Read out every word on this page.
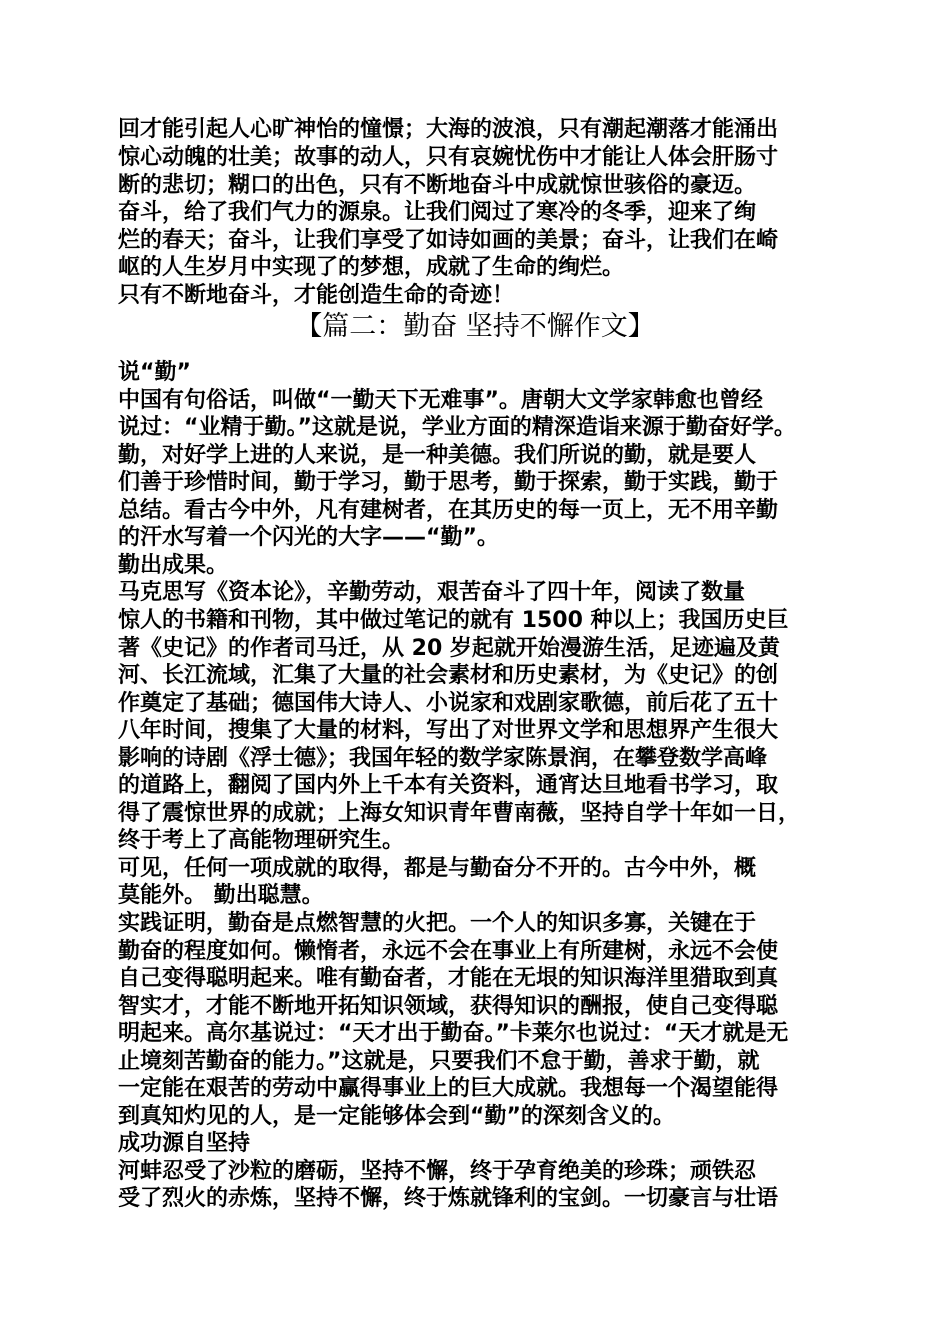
回才能引起人心旷神怡的憧憬；大海的波浪，只有潮起潮落才能涌出
惊心动魄的壮美；故事的动人，只有哀婉忧伤中才能让人体会肝肠寸
断的悲切；糊口的出色，只有不断地奋斗中成就惊世骇俗的豪迈。
奋斗，给了我们气力的源泉。让我们阅过了寒冷的冬季，迎来了绚
烂的春天；奋斗，让我们享受了如诗如画的美景；奋斗，让我们在崎
岖的人生岁月中实现了的梦想，成就了生命的绚烂。
只有不断地奋斗，才能创造生命的奇迹！
【篇二：勤奋 坚持不懈作文】
说“勤”
中国有句俗话，叫做“一勤天下无难事”。唐朝大文学家韩愈也曾经
说过：“业精于勤。”这就是说，学业方面的精深造诣来源于勤奋好学。
勤，对好学上进的人来说，是一种美德。我们所说的勤，就是要人
们善于珍惜时间，勤于学习，勤于思考，勤于探索，勤于实践，勤于
总结。看古今中外，凡有建树者，在其历史的每一页上，无不用辛勤
的汗水写着一个闪光的大字——“勤”。
勤出成果。
马克思写《资本论》，辛勤劳动，艰苦奋斗了四十年，阅读了数量
惊人的书籍和刊物，其中做过笔记的就有 1500 种以上；我国历史巨
著《史记》的作者司马迁，从 20 岁起就开始漫游生活，足迹遍及黄
河、长江流域，汇集了大量的社会素材和历史素材，为《史记》的创
作奠定了基础；德国伟大诗人、小说家和戏剧家歌德，前后花了五十
八年时间，搜集了大量的材料，写出了对世界文学和思想界产生很大
影响的诗剧《浮士德》；我国年轻的数学家陈景润，在攀登数学高峰
的道路上，翻阅了国内外上千本有关资料，通宵达旦地看书学习，取
得了震惊世界的成就；上海女知识青年曹南薇，坚持自学十年如一日，
终于考上了高能物理研究生。
可见，任何一项成就的取得，都是与勤奋分不开的。古今中外，概
莫能外。 勤出聪慧。
实践证明，勤奋是点燃智慧的火把。一个人的知识多寡，关键在于
勤奋的程度如何。懒惰者，永远不会在事业上有所建树，永远不会使
自己变得聪明起来。唯有勤奋者，才能在无垠的知识海洋里猎取到真
智实才，才能不断地开拓知识领域，获得知识的酬报，使自己变得聪
明起来。高尔基说过：“天才出于勤奋。”卡莱尔也说过：“天才就是无
止境刻苦勤奋的能力。”这就是，只要我们不怠于勤，善求于勤，就
一定能在艰苦的劳动中赢得事业上的巨大成就。我想每一个渴望能得
到真知灼见的人，是一定能够体会到“勤”的深刻含义的。
成功源自坚持
河蚌忍受了沙粒的磨砺，坚持不懈，终于孕育绝美的珍珠；顽铁忍
受了烈火的赤炼，坚持不懈，终于炼就锋利的宝剑。一切豪言与壮语
